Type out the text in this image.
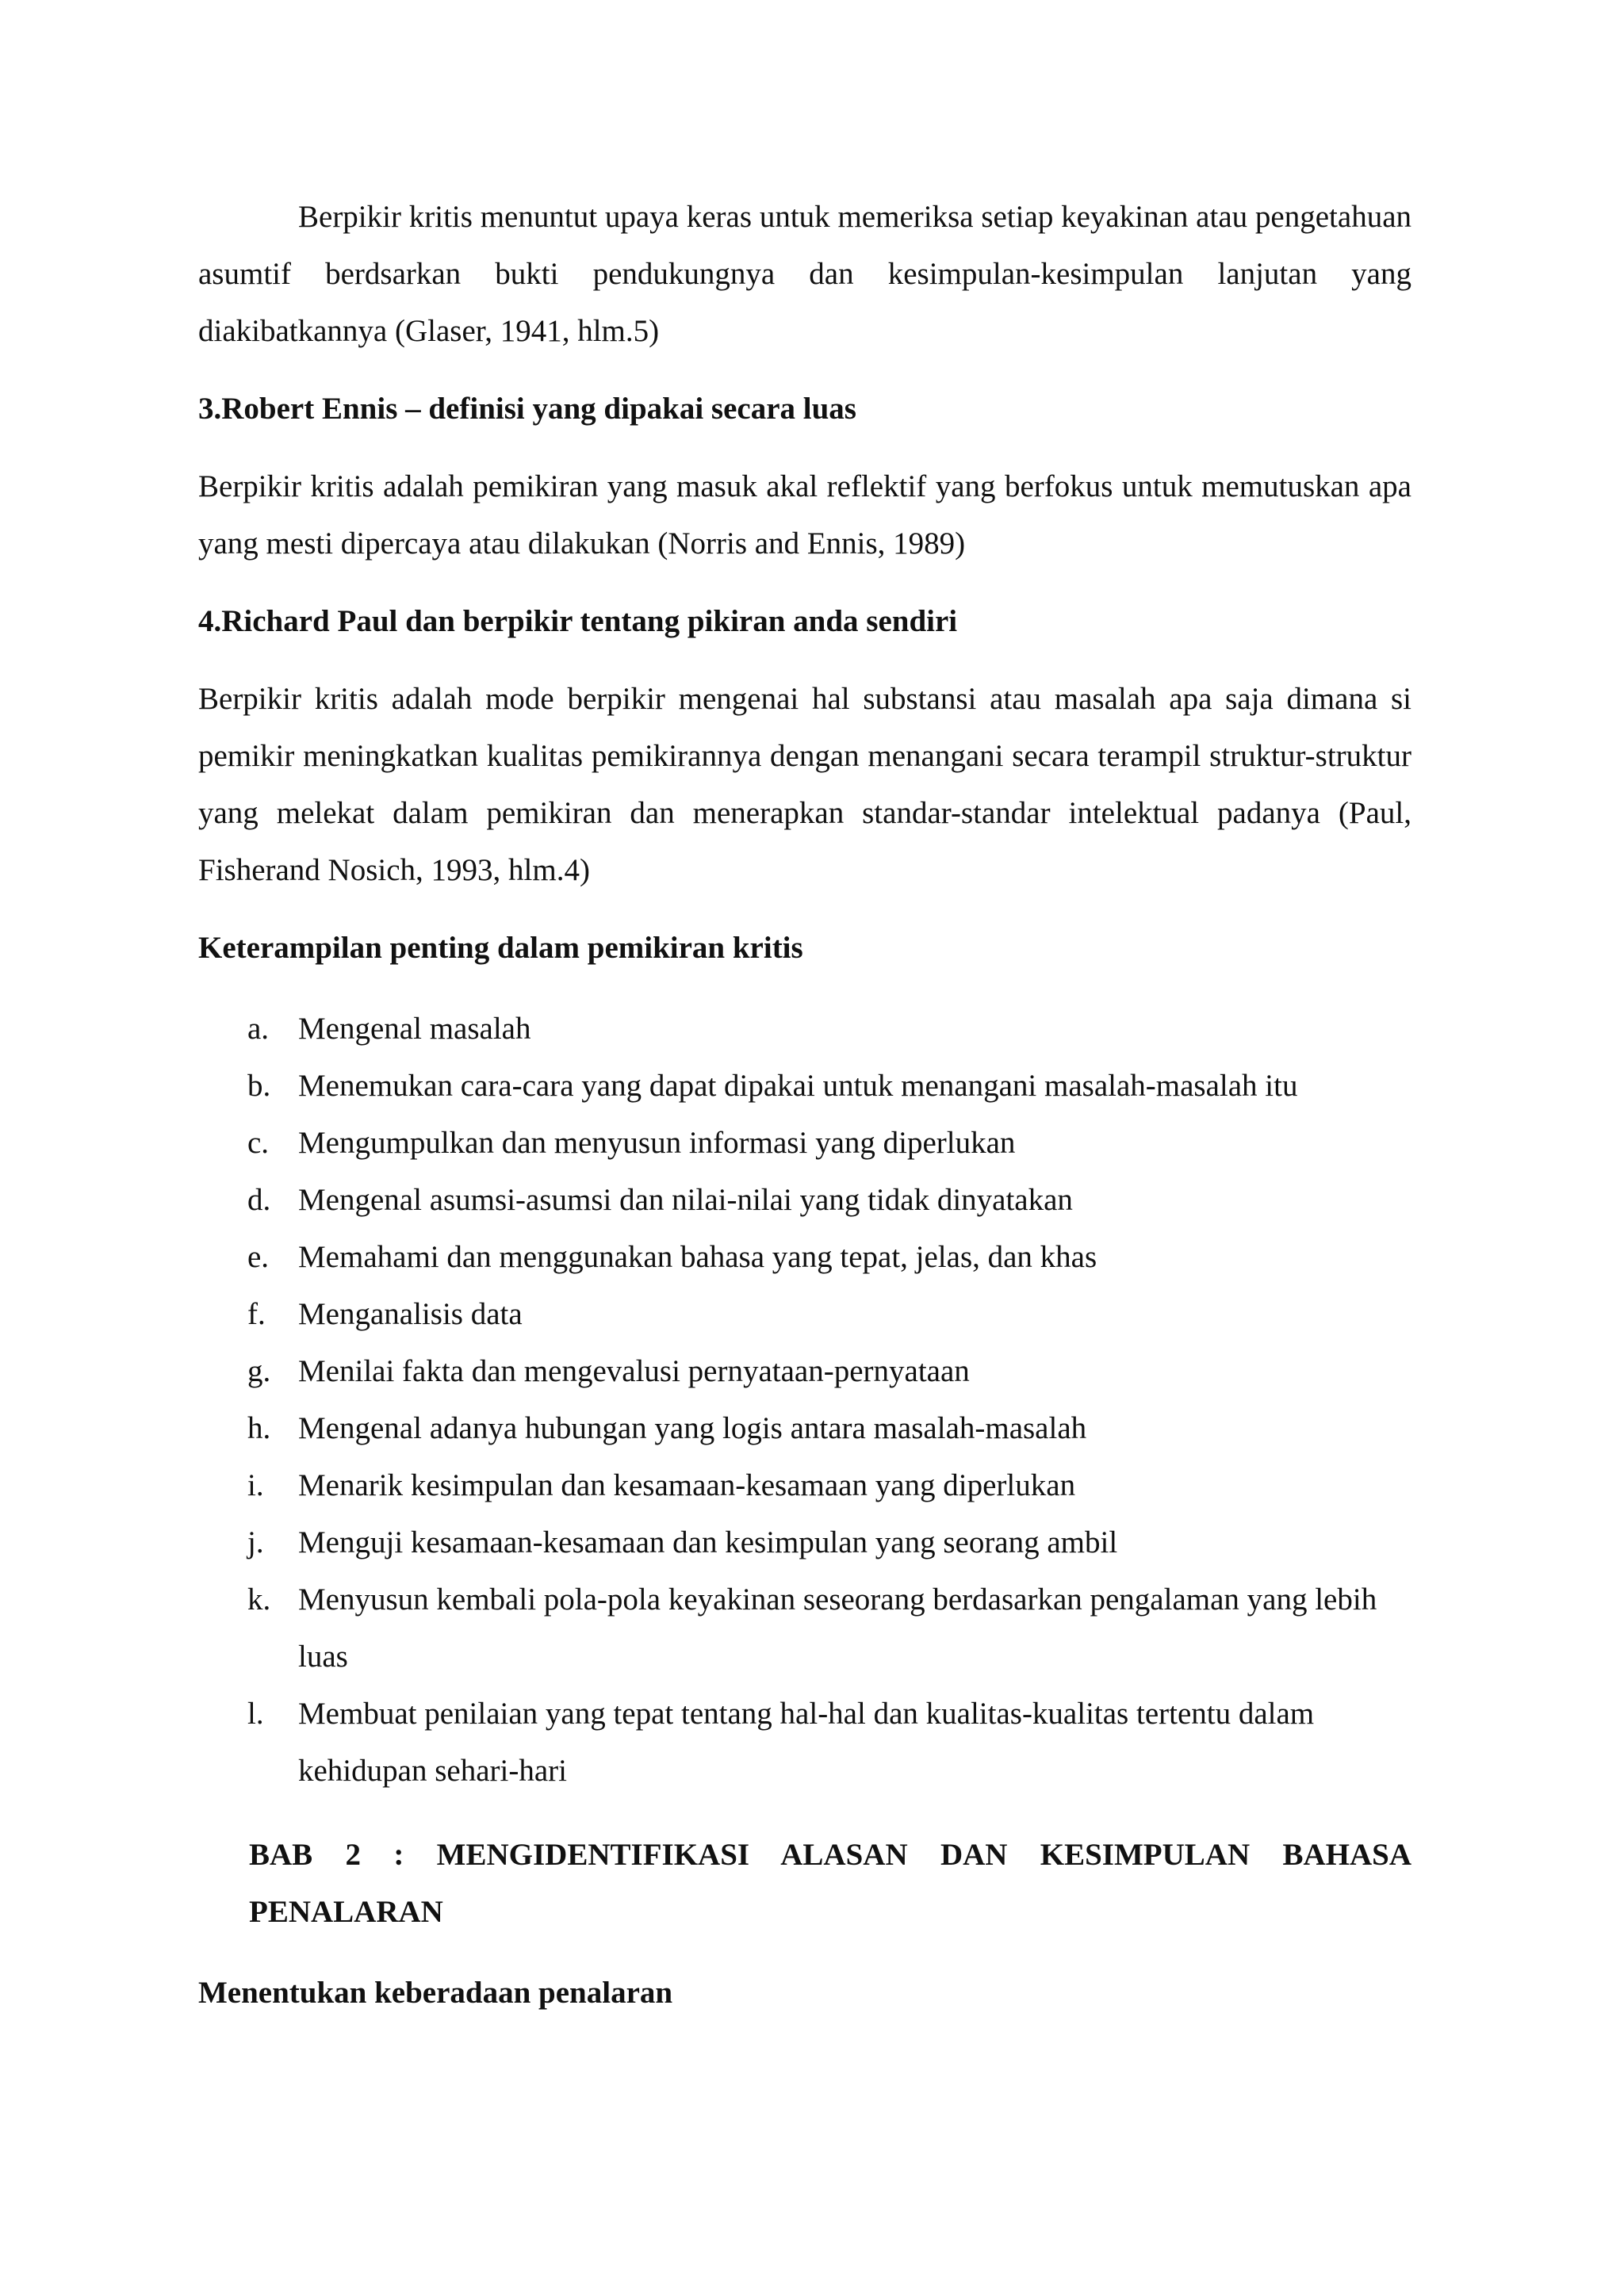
Berpikir kritis menuntut upaya keras untuk memeriksa setiap keyakinan atau pengetahuan asumtif berdsarkan bukti pendukungnya dan kesimpulan-kesimpulan lanjutan yang diakibatkannya (Glaser, 1941, hlm.5)

3.Robert Ennis – definisi yang dipakai secara luas

Berpikir kritis adalah pemikiran yang masuk akal reflektif yang berfokus untuk memutuskan apa yang mesti dipercaya atau dilakukan (Norris and Ennis, 1989)

4.Richard Paul dan berpikir tentang pikiran anda sendiri

Berpikir kritis adalah mode berpikir mengenai hal substansi atau masalah apa saja dimana si pemikir meningkatkan kualitas pemikirannya dengan menangani secara terampil struktur-struktur yang melekat dalam pemikiran dan menerapkan standar-standar intelektual padanya (Paul, Fisherand Nosich, 1993, hlm.4)

Keterampilan penting dalam pemikiran kritis

a. Mengenal masalah
b. Menemukan cara-cara yang dapat dipakai untuk menangani masalah-masalah itu
c. Mengumpulkan dan menyusun informasi yang diperlukan
d. Mengenal asumsi-asumsi dan nilai-nilai yang tidak dinyatakan
e. Memahami dan menggunakan bahasa yang tepat, jelas, dan khas
f. Menganalisis data
g. Menilai fakta dan mengevalusi pernyataan-pernyataan
h. Mengenal adanya hubungan yang logis antara masalah-masalah
i. Menarik kesimpulan dan kesamaan-kesamaan yang diperlukan
j. Menguji kesamaan-kesamaan dan kesimpulan yang seorang ambil
k. Menyusun kembali pola-pola keyakinan seseorang berdasarkan pengalaman yang lebih luas
l. Membuat penilaian yang tepat tentang hal-hal dan kualitas-kualitas tertentu dalam kehidupan sehari-hari

BAB 2 : MENGIDENTIFIKASI ALASAN DAN KESIMPULAN BAHASA PENALARAN

Menentukan keberadaan penalaran
